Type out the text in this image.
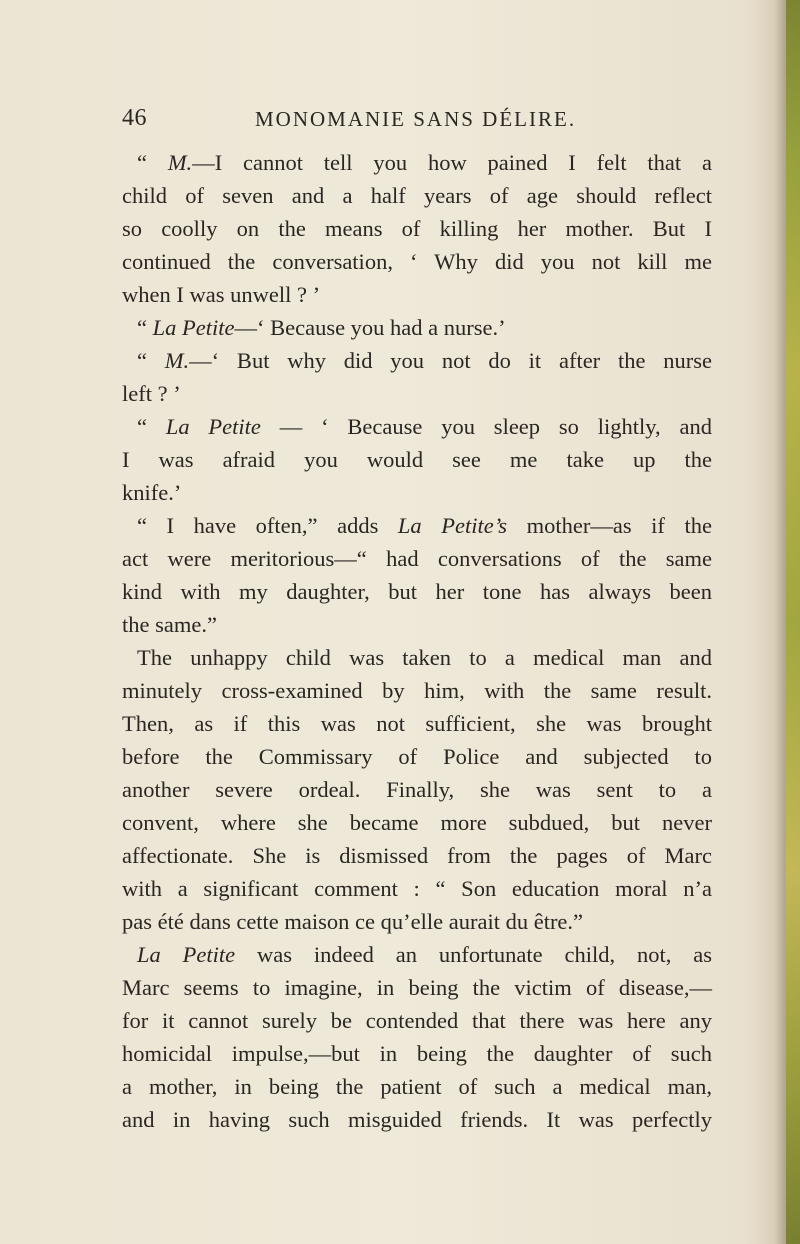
46	MONOMANIE SANS DÉLIRE.
“ M.—I cannot tell you how pained I felt that a
child of seven and a half years of age should reflect
so coolly on the means of killing her mother. But I
continued the conversation, ‘ Why did you not kill me
when I was unwell ? ’
“ La Petite—‘ Because you had a nurse.’
“ M.—‘ But why did you not do it after the nurse
left ? ’
“ La Petite — ‘ Because you sleep so lightly, and
I was afraid you would see me take up the
knife.’
“ I have often,” adds La Petite’s mother—as if the
act were meritorious—“ had conversations of the same
kind with my daughter, but her tone has always been
the same.”
The unhappy child was taken to a medical man and
minutely cross-examined by him, with the same result.
Then, as if this was not sufficient, she was brought
before the Commissary of Police and subjected to
another severe ordeal. Finally, she was sent to a
convent, where she became more subdued, but never
affectionate. She is dismissed from the pages of Marc
with a significant comment : “ Son education moral n’a
pas été dans cette maison ce qu’elle aurait du être.”
La Petite was indeed an unfortunate child, not, as
Marc seems to imagine, in being the victim of disease,—
for it cannot surely be contended that there was here any
homicidal impulse,—but in being the daughter of such
a mother, in being the patient of such a medical man,
and in having such misguided friends. It was perfectly
